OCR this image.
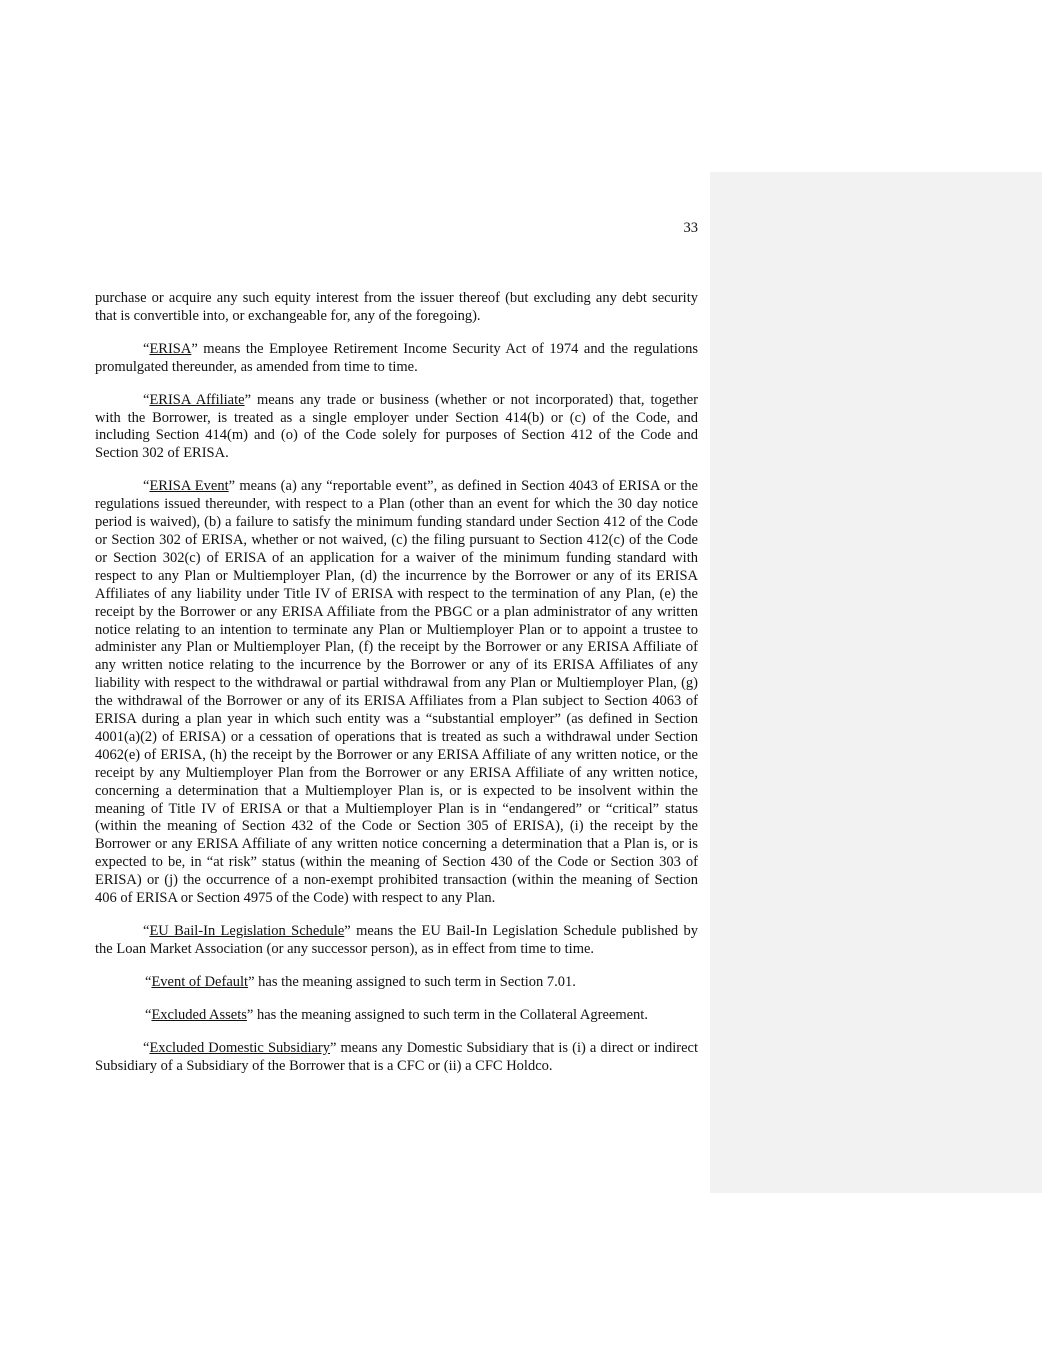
33

purchase or acquire any such equity interest from the issuer thereof (but excluding any debt security that is convertible into, or exchangeable for, any of the foregoing).

“ERISA” means the Employee Retirement Income Security Act of 1974 and the regulations promulgated thereunder, as amended from time to time.

“ERISA Affiliate” means any trade or business (whether or not incorporated) that, together with the Borrower, is treated as a single employer under Section 414(b) or (c) of the Code, and including Section 414(m) and (o) of the Code solely for purposes of Section 412 of the Code and Section 302 of ERISA.

“ERISA Event” means (a) any “reportable event”, as defined in Section 4043 of ERISA or the regulations issued thereunder, with respect to a Plan (other than an event for which the 30 day notice period is waived), (b) a failure to satisfy the minimum funding standard under Section 412 of the Code or Section 302 of ERISA, whether or not waived, (c) the filing pursuant to Section 412(c) of the Code or Section 302(c) of ERISA of an application for a waiver of the minimum funding standard with respect to any Plan or Multiemployer Plan, (d) the incurrence by the Borrower or any of its ERISA Affiliates of any liability under Title IV of ERISA with respect to the termination of any Plan, (e) the receipt by the Borrower or any ERISA Affiliate from the PBGC or a plan administrator of any written notice relating to an intention to terminate any Plan or Multiemployer Plan or to appoint a trustee to administer any Plan or Multiemployer Plan, (f) the receipt by the Borrower or any ERISA Affiliate of any written notice relating to the incurrence by the Borrower or any of its ERISA Affiliates of any liability with respect to the withdrawal or partial withdrawal from any Plan or Multiemployer Plan, (g) the withdrawal of the Borrower or any of its ERISA Affiliates from a Plan subject to Section 4063 of ERISA during a plan year in which such entity was a “substantial employer” (as defined in Section 4001(a)(2) of ERISA) or a cessation of operations that is treated as such a withdrawal under Section 4062(e) of ERISA, (h) the receipt by the Borrower or any ERISA Affiliate of any written notice, or the receipt by any Multiemployer Plan from the Borrower or any ERISA Affiliate of any written notice, concerning a determination that a Multiemployer Plan is, or is expected to be insolvent within the meaning of Title IV of ERISA or that a Multiemployer Plan is in “endangered” or “critical” status (within the meaning of Section 432 of the Code or Section 305 of ERISA), (i) the receipt by the Borrower or any ERISA Affiliate of any written notice concerning a determination that a Plan is, or is expected to be, in “at risk” status (within the meaning of Section 430 of the Code or Section 303 of ERISA) or (j) the occurrence of a non-exempt prohibited transaction (within the meaning of Section 406 of ERISA or Section 4975 of the Code) with respect to any Plan.

“EU Bail-In Legislation Schedule” means the EU Bail-In Legislation Schedule published by the Loan Market Association (or any successor person), as in effect from time to time.

“Event of Default” has the meaning assigned to such term in Section 7.01.

“Excluded Assets” has the meaning assigned to such term in the Collateral Agreement.

“Excluded Domestic Subsidiary” means any Domestic Subsidiary that is (i) a direct or indirect Subsidiary of a Subsidiary of the Borrower that is a CFC or (ii) a CFC Holdco.
